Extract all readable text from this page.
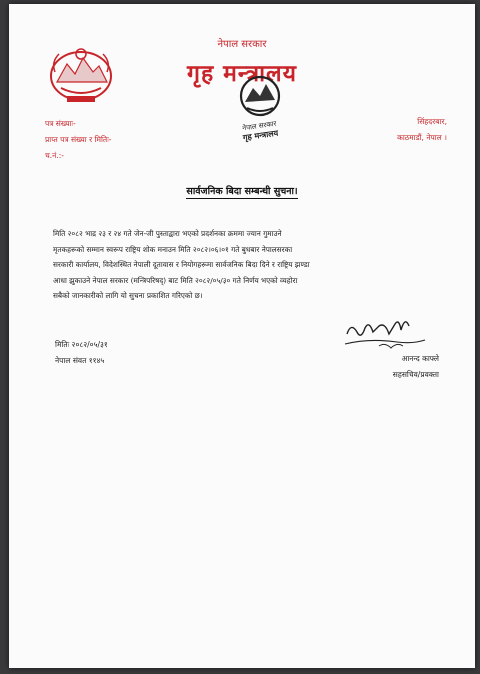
नेपाल सरकार
गृह मन्त्रालय
नेपाल सरकार
गृह मन्त्रालय
पत्र संख्याः-
प्राप्त पत्र संख्या र मितिः-
च.नं.:-
सिंहदरबार,
काठमाडौं, नेपाल ।
सार्वजनिक बिदा सम्बन्धी सुचना।
मिति २०८२ भाद्र २३ र २४ गते जेन-जी पुस्ताद्वारा भएको प्रदर्शनका क्रममा ज्यान गुमाउने
मृतकहरूको सम्मान स्वरूप राष्ट्रिय शोक मनाउन मिति २०८२।०६।०१ गते बुधबार नेपालसरका
सरकारी कार्यालय, विदेशस्थित नेपाली दूतावास र नियोगहरूमा सार्वजनिक बिदा दिने र राष्ट्रिय झण्डा
आधा झुकाउने नेपाल सरकार (मन्त्रिपरिषद्) बाट मिति २०८२/०५/३० गते निर्णय भएको व्यहोरा
सबैको जानकारीको लागि यो सुचना प्रकाशित गरिएको छ।
मितिः २०८२/०५/३१
नेपाल संवत ११४५	आनन्द काफ्ले
सहसचिव/प्रवक्ता
